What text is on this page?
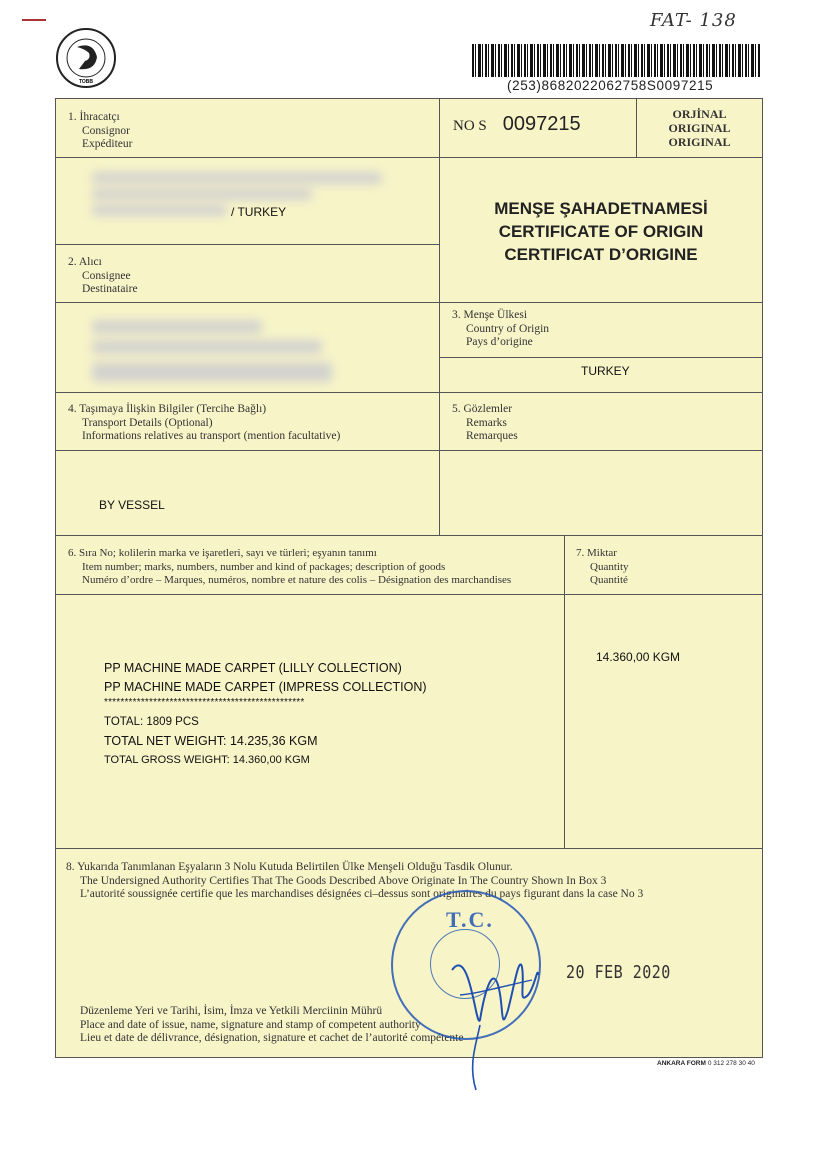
TOBB
FAT- 138
(253)8682022062758S0097215
1. İhracatçı
Consignor
Expéditeur
NO S 0097215	ORJİNAL
ORIGINAL
ORIGINAL
/ TURKEY	MENŞE ŞAHADETNAMESİ
CERTIFICATE OF ORIGIN
CERTIFICAT D’ORIGINE
2. Alıcı
Consignee
Destinataire
3. Menşe Ülkesi
Country of Origin
Pays d’origine
TURKEY
4. Taşımaya İlişkin Bilgiler (Tercihe Bağlı)
Transport Details (Optional)
Informations relatives au transport (mention facultative)
BY VESSEL
5. Gözlemler
Remarks
Remarques
6. Sıra No; kolilerin marka ve işaretleri, sayı ve türleri; eşyanın tanımı
Item number; marks, numbers, number and kind of packages; description of goods
Numéro d’ordre – Marques, numéros, nombre et nature des colis – Désignation des marchandises
PP MACHINE MADE CARPET (LILLY COLLECTION)
PP MACHINE MADE CARPET (IMPRESS COLLECTION)
*************************************************
TOTAL: 1809 PCS
TOTAL NET WEIGHT: 14.235,36 KGM
TOTAL GROSS WEIGHT: 14.360,00 KGM
7. Miktar
Quantity
Quantité
14.360,00 KGM
8. Yukarıda Tanımlanan Eşyaların 3 Nolu Kutuda Belirtilen Ülke Menşeli Olduğu Tasdik Olunur.
The Undersigned Authority Certifies That The Goods Described Above Originate In The Country Shown In Box 3
L’autorité soussignée certifie que les marchandises désignées ci–dessus sont originaires du pays figurant dans la case No 3
Düzenleme Yeri ve Tarihi, İsim, İmza ve Yetkili Merciinin Mührü
Place and date of issue, name, signature and stamp of competent authority
Lieu et date de délivrance, désignation, signature et cachet de l’autorité compétente
20 FEB 2020
T.C.
ANKARA FORM 0 312 278 30 40
